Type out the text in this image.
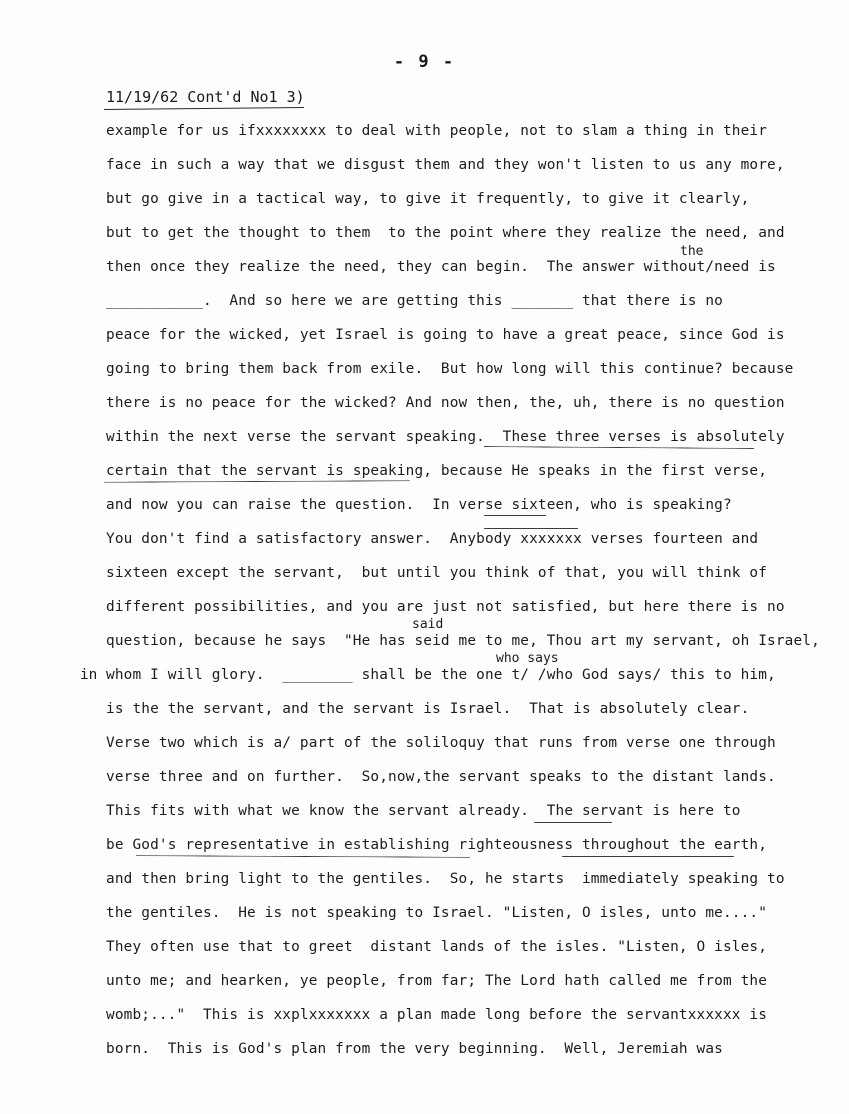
- 9 -
11/19/62 Cont'd No1 3)
the
said
who says
in
example for us ifxxxxxxxx to deal with people, not to slam a thing in their
face in such a way that we disgust them and they won't listen to us any more,
but go give in a tactical way, to give it frequently, to give it clearly,
but to get the thought to them  to the point where they realize the need, and
then once they realize the need, they can begin.  The answer without/need is
___________.  And so here we are getting this _______ that there is no
peace for the wicked, yet Israel is going to have a great peace, since God is
going to bring them back from exile.  But how long will this continue? because
there is no peace for the wicked? And now then, the, uh, there is no question
within the next verse the servant speaking.  These three verses is absolutely
certain that the servant is speaking, because He speaks in the first verse,
and now you can raise the question.  In verse sixteen, who is speaking?
You don't find a satisfactory answer.  Anybody xxxxxxx verses fourteen and
sixteen except the servant,  but until you think of that, you will think of
different possibilities, and you are just not satisfied, but here there is no
question, because he says  "He has seid me to me, Thou art my servant, oh Israel,
whom I will glory.  ________ shall be the one t/ /who God says/ this to him,
is the the servant, and the servant is Israel.  That is absolutely clear.
Verse two which is a/ part of the soliloquy that runs from verse one through
verse three and on further.  So,now,the servant speaks to the distant lands.
This fits with what we know the servant already.  The servant is here to
be God's representative in establishing righteousness throughout the earth,
and then bring light to the gentiles.  So, he starts  immediately speaking to
the gentiles.  He is not speaking to Israel. "Listen, O isles, unto me...."
They often use that to greet  distant lands of the isles. "Listen, O isles,
unto me; and hearken, ye people, from far; The Lord hath called me from the
womb;..."  This is xxplxxxxxxx a plan made long before the servantxxxxxx is
born.  This is God's plan from the very beginning.  Well, Jeremiah was
